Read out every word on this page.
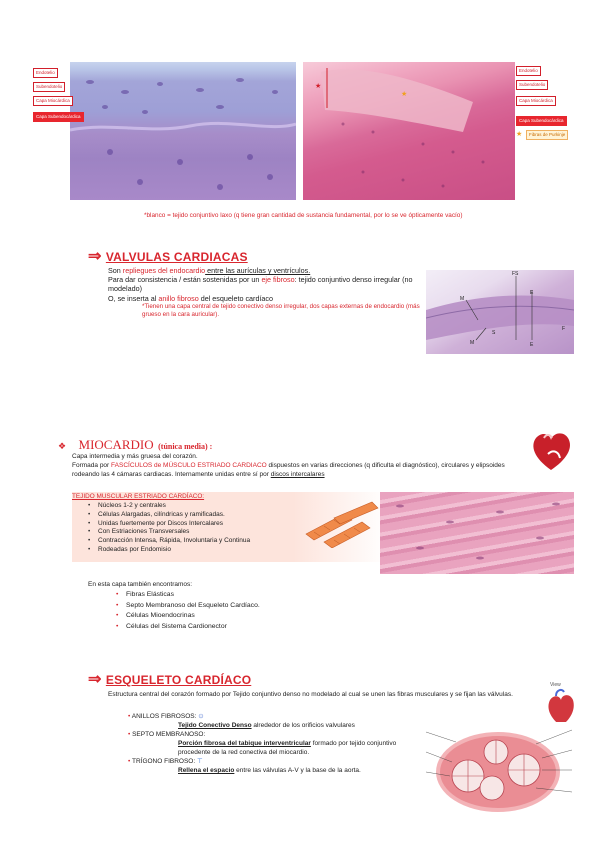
Endotelio
Subendotelio
Capa Miocárdica
Capa Subendocárdica
★
★
Endotelio
Subendotelio
Capa Miocárdica
Capa Subendocárdica
★	Fibras de Purkinje
*blanco = tejido conjuntivo laxo (q tiene gran cantidad de sustancia fundamental, por lo se ve ópticamente vacío)
⇒ VALVULAS CARDIACAS
Son repliegues del endocardio entre las aurículas y ventrículos.
Para dar consistencia / están sostenidas por un eje fibroso: tejido conjuntivo denso irregular (no modelado)
O, se inserta al anillo fibroso del esqueleto cardíaco
*Tienen una capa central de tejido conectivo denso irregular, dos capas externas de endocardio (más grueso en la cara auricular).
FS
E
E
M
M
F
S
❖ MIOCARDIO (túnica media) :
Capa intermedia y más gruesa del corazón.
Formada por FASCÍCULOS de MÚSCULO ESTRIADO CARDIACO dispuestos en varias direcciones (q dificulta el diagnóstico), circulares y elipsoides rodeando las 4 cámaras cardiacas. Internamente unidas entre sí por discos intercalares
TEJIDO MUSCULAR ESTRIADO CARDÍACO:
• Núcleos 1-2 y centrales
• Células Alargadas, cilíndricas y ramificadas.
• Unidas fuertemente por Discos Intercalares
• Con Estriaciones Transversales
• Contracción Intensa, Rápida, Involuntaria y Continua
• Rodeadas por Endomisio
En esta capa también encontramos:
• Fibras Elásticas
• Septo Membranoso del Esqueleto Cardíaco.
• Células Mioendocrinas
• Células del Sistema Cardionector
⇒ ESQUELETO CARDÍACO
Estructura central del corazón formado por Tejido conjuntivo denso no modelado al cual se unen las fibras musculares y se fijan las válvulas.
• ANILLOS FIBROSOS: ⊙
Tejido Conectivo Denso alrededor de los orificios valvulares
• SEPTO MEMBRANOSO:
Porción fibrosa del tabique interventricular formado por tejido conjuntivo procedente de la red conectiva del miocardio.
• TRÍGONO FIBROSO: ⊤
Rellena el espacio entre las válvulas A-V y la base de la aorta.
View
